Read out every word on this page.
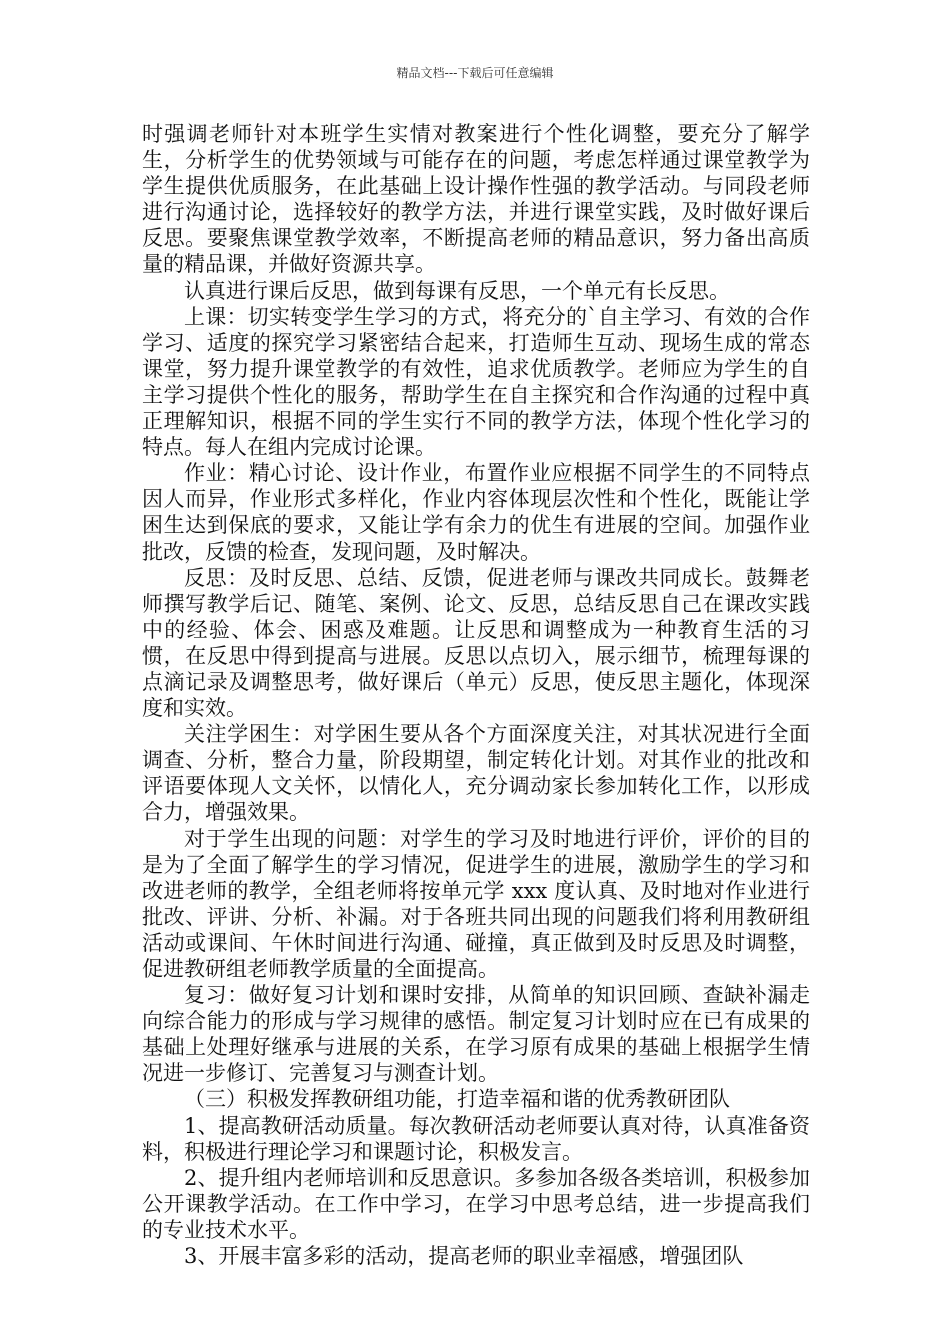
精品文档---下载后可任意编辑

时强调老师针对本班学生实情对教案进行个性化调整，要充分了解学生，分析学生的优势领域与可能存在的问题，考虑怎样通过课堂教学为学生提供优质服务，在此基础上设计操作性强的教学活动。与同段老师进行沟通讨论，选择较好的教学方法，并进行课堂实践，及时做好课后反思。要聚焦课堂教学效率，不断提高老师的精品意识，努力备出高质量的精品课，并做好资源共享。

认真进行课后反思，做到每课有反思，一个单元有长反思。

上课：切实转变学生学习的方式，将充分的`自主学习、有效的合作学习、适度的探究学习紧密结合起来，打造师生互动、现场生成的常态课堂，努力提升课堂教学的有效性，追求优质教学。老师应为学生的自主学习提供个性化的服务，帮助学生在自主探究和合作沟通的过程中真正理解知识，根据不同的学生实行不同的教学方法，体现个性化学习的特点。每人在组内完成讨论课。

作业：精心讨论、设计作业，布置作业应根据不同学生的不同特点因人而异，作业形式多样化，作业内容体现层次性和个性化，既能让学困生达到保底的要求，又能让学有余力的优生有进展的空间。加强作业批改，反馈的检查，发现问题，及时解决。

反思：及时反思、总结、反馈，促进老师与课改共同成长。鼓舞老师撰写教学后记、随笔、案例、论文、反思，总结反思自己在课改实践中的经验、体会、困惑及难题。让反思和调整成为一种教育生活的习惯，在反思中得到提高与进展。反思以点切入，展示细节，梳理每课的点滴记录及调整思考，做好课后（单元）反思，使反思主题化，体现深度和实效。

关注学困生：对学困生要从各个方面深度关注，对其状况进行全面调查、分析，整合力量，阶段期望，制定转化计划。对其作业的批改和评语要体现人文关怀，以情化人，充分调动家长参加转化工作，以形成合力，增强效果。

对于学生出现的问题：对学生的学习及时地进行评价，评价的目的是为了全面了解学生的学习情况，促进学生的进展，激励学生的学习和改进老师的教学，全组老师将按单元学 xxx 度认真、及时地对作业进行批改、评讲、分析、补漏。对于各班共同出现的问题我们将利用教研组活动或课间、午休时间进行沟通、碰撞，真正做到及时反思及时调整，促进教研组老师教学质量的全面提高。

复习：做好复习计划和课时安排，从简单的知识回顾、查缺补漏走向综合能力的形成与学习规律的感悟。制定复习计划时应在已有成果的基础上处理好继承与进展的关系，在学习原有成果的基础上根据学生情况进一步修订、完善复习与测查计划。

（三）积极发挥教研组功能，打造幸福和谐的优秀教研团队

1、提高教研活动质量。每次教研活动老师要认真对待，认真准备资料，积极进行理论学习和课题讨论，积极发言。

2、提升组内老师培训和反思意识。多参加各级各类培训，积极参加公开课教学活动。在工作中学习，在学习中思考总结，进一步提高我们的专业技术水平。

3、开展丰富多彩的活动，提高老师的职业幸福感，增强团队
